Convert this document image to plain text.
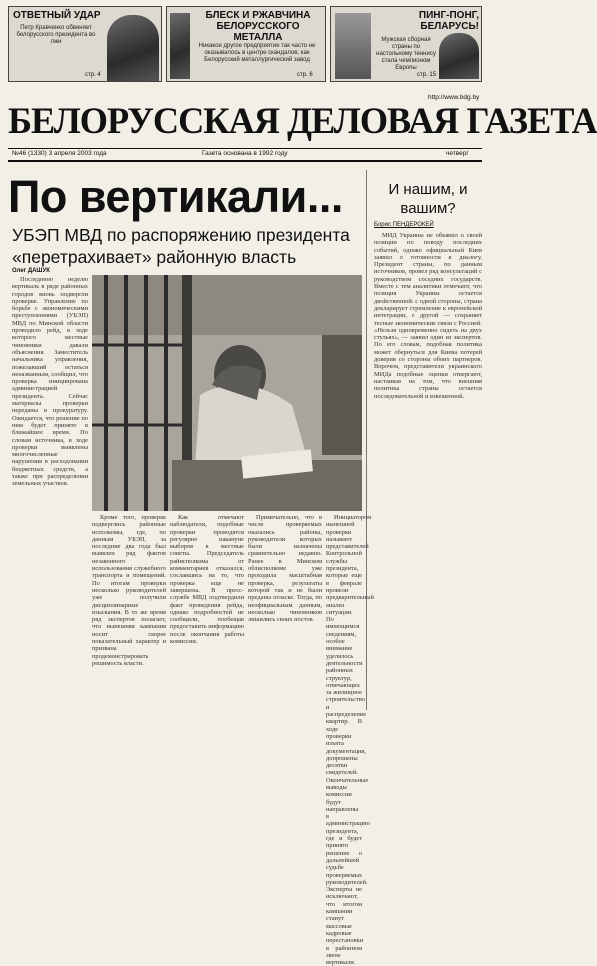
ОТВЕТНЫЙ УДАР
Петр Кравченко обвиняет белорусского президента во лжи
стр. 4
БЛЕСК И РЖАВЧИНА БЕЛОРУССКОГО МЕТАЛЛА
Никакое другое предприятие так часто не оказывалось в центре скандалов, как Белорусский металлургический завод
стр. 6
ПИНГ-ПОНГ, БЕЛАРУСЬ!
Мужская сборная страны по настольному теннису стала чемпионом Европы
стр. 15
http://www.bdg.by
БЕЛОРУССКАЯ ДЕЛОВАЯ ГАЗЕТА
№46 (1330) 3 апреля 2003 года	Газета основана в 1992 году	четверг
По вертикали...
УБЭП МВД по распоряжению президента «перетрахивает» районную власть
Олег ДАШУК
И нашим, и вашим?
Борис ПЕНДЕРОКЕЙ

Последнюю неделю вертикаль в ряде районных городов вновь подвергли проверке. Управление по борьбе с экономическими преступлениями (УБЭП) МВД по Минской области проводило рейд, в ходе которого местные чиновники давали объяснения. Заместитель начальника управления, пожелавший остаться неназванным, сообщил, что проверка инициирована администрацией президента. Сейчас материалы проверки переданы в прокуратуру. Ожидается, что решение по ним будет принято в ближайшее время. По словам источника, в ходе проверки выявлены многочисленные нарушения в расходовании бюджетных средств, а также при распределении земельных участков.

Кроме того, проверке подверглись районные исполкомы, где, по данным УБЭП, за последние два года был выявлен ряд фактов незаконного использования служебного транспорта и помещений. По итогам проверки несколько руководителей уже получили дисциплинарные взыскания. В то же время ряд экспертов полагает, что нынешняя кампания носит скорее показательный характер и призвана продемонстрировать решимость власти.

Как отмечают наблюдатели, подобные проверки проводятся регулярно накануне выборов в местные советы. Председатель райисполкома от комментариев отказался, сославшись на то, что проверка еще не завершена. В пресс-службе МВД подтвердили факт проведения рейда, однако подробностей не сообщили, пообещав предоставить информацию после окончания работы комиссии.

Примечательно, что в числе проверяемых оказались районы, руководители которых были назначены сравнительно недавно. Ранее в Минском облисполкоме уже проходила масштабная проверка, результаты которой так и не были преданы огласке. Тогда, по неофициальным данным, несколько чиновников лишились своих постов.

Инициатором нынешней проверки называют представителей Контрольной службы президента, которые еще в феврале провели предварительный анализ ситуации. По имеющимся сведениям, особое внимание уделялось деятельности районных структур, отвечающих за жилищное строительство и распределение квартир. В ходе проверки изъята документация, допрошены десятки свидетелей. Окончательные выводы комиссии будут направлены в администрацию президента, где и будет принято решение о дальнейшей судьбе проверяемых руководителей. Эксперты не исключают, что итогом кампании станут массовые кадровые перестановки в районном звене вертикали.

МИД Украины не объявил о своей позиции по поводу последних событий, однако официальный Киев заявил о готовности к диалогу. Президент страны, по данным источников, провел ряд консультаций с руководством соседних государств. Вместе с тем аналитики отмечают, что позиция Украины остается двойственной: с одной стороны, страна декларирует стремление к европейской интеграции, с другой — сохраняет тесные экономические связи с Россией. «Нельзя одновременно сидеть на двух стульях», — заявил один из экспертов. По его словам, подобная политика может обернуться для Киева потерей доверия со стороны обоих партнеров. Впрочем, представители украинского МИДа подобные оценки отвергают, настаивая на том, что внешняя политика страны остается последовательной и взвешенной.
